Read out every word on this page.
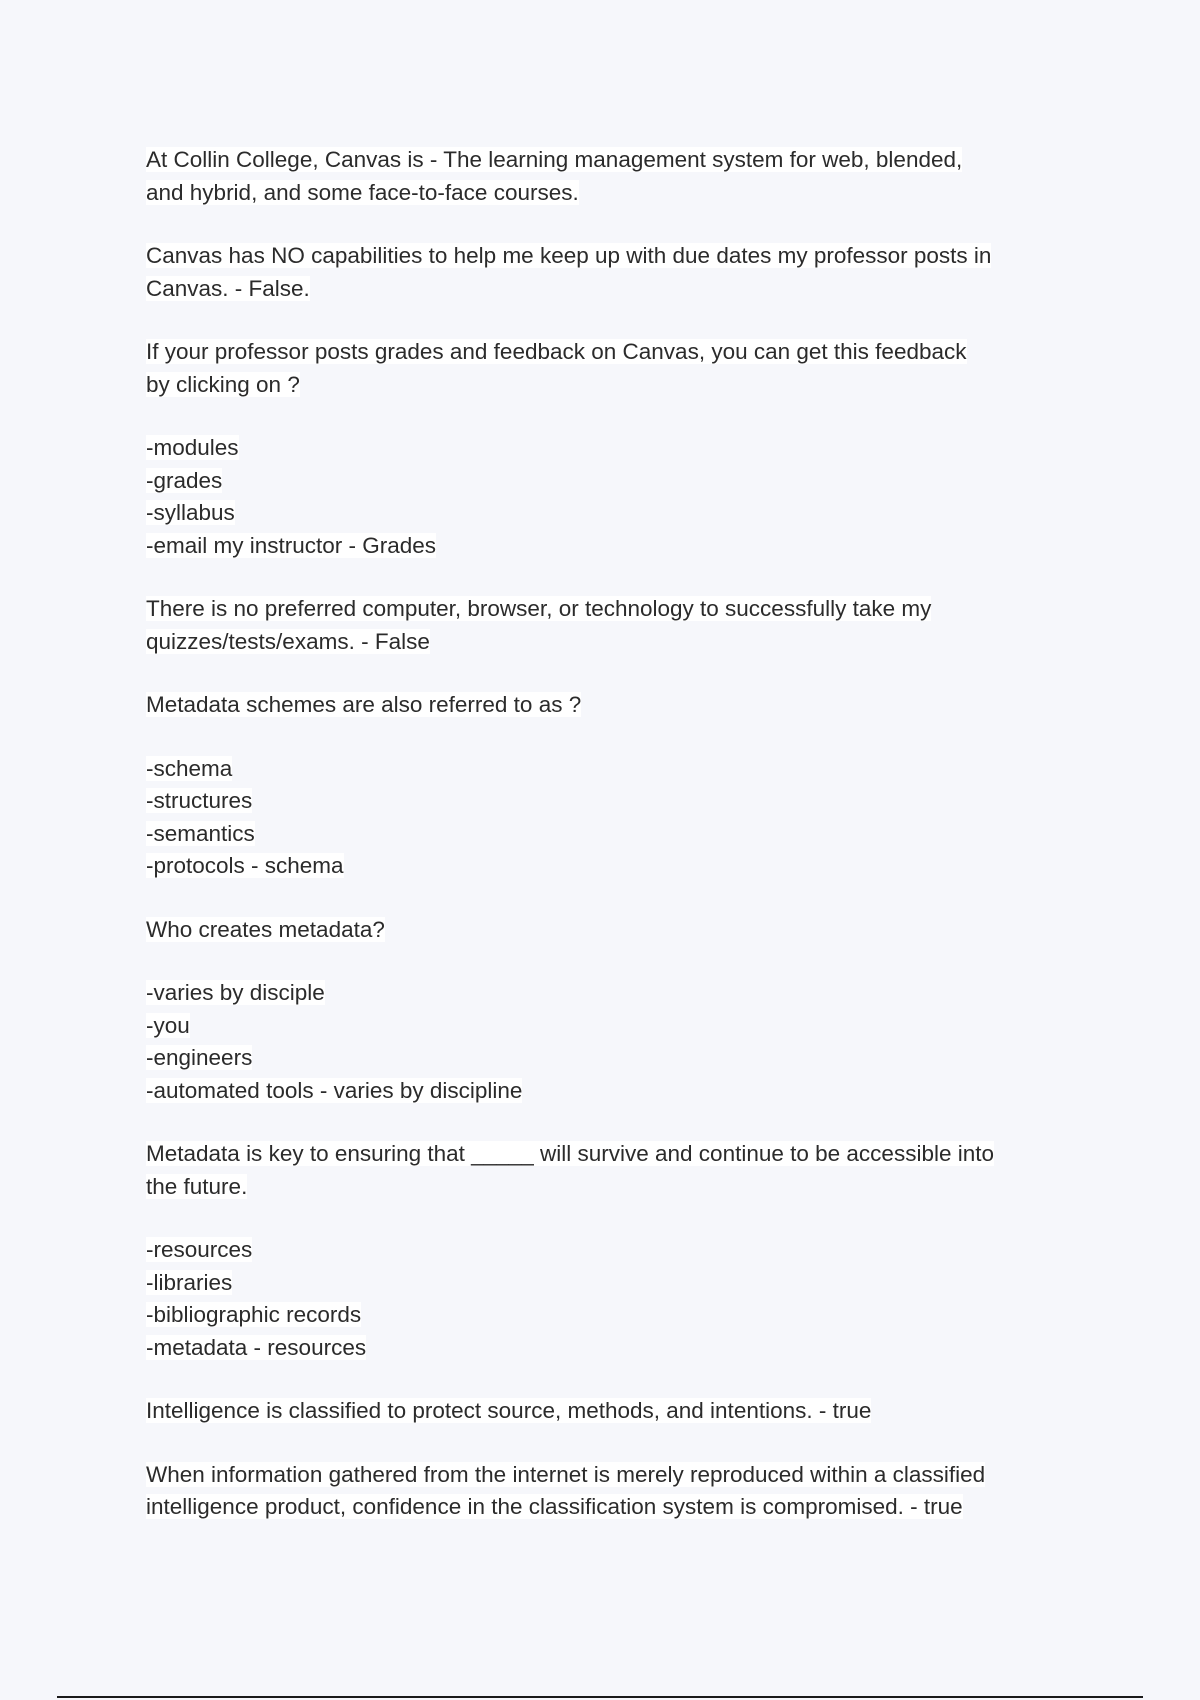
At Collin College, Canvas is - The learning management system for web, blended,
and hybrid, and some face-to-face courses.

Canvas has NO capabilities to help me keep up with due dates my professor posts in
Canvas. - False.

If your professor posts grades and feedback on Canvas, you can get this feedback
by clicking on ?

-modules
-grades
-syllabus
-email my instructor - Grades

There is no preferred computer, browser, or technology to successfully take my
quizzes/tests/exams. - False

Metadata schemes are also referred to as ?

-schema
-structures
-semantics
-protocols - schema

Who creates metadata?

-varies by disciple
-you
-engineers
-automated tools - varies by discipline

Metadata is key to ensuring that _____ will survive and continue to be accessible into
the future.

-resources
-libraries
-bibliographic records
-metadata - resources

Intelligence is classified to protect source, methods, and intentions. - true

When information gathered from the internet is merely reproduced within a classified
intelligence product, confidence in the classification system is compromised. - true
